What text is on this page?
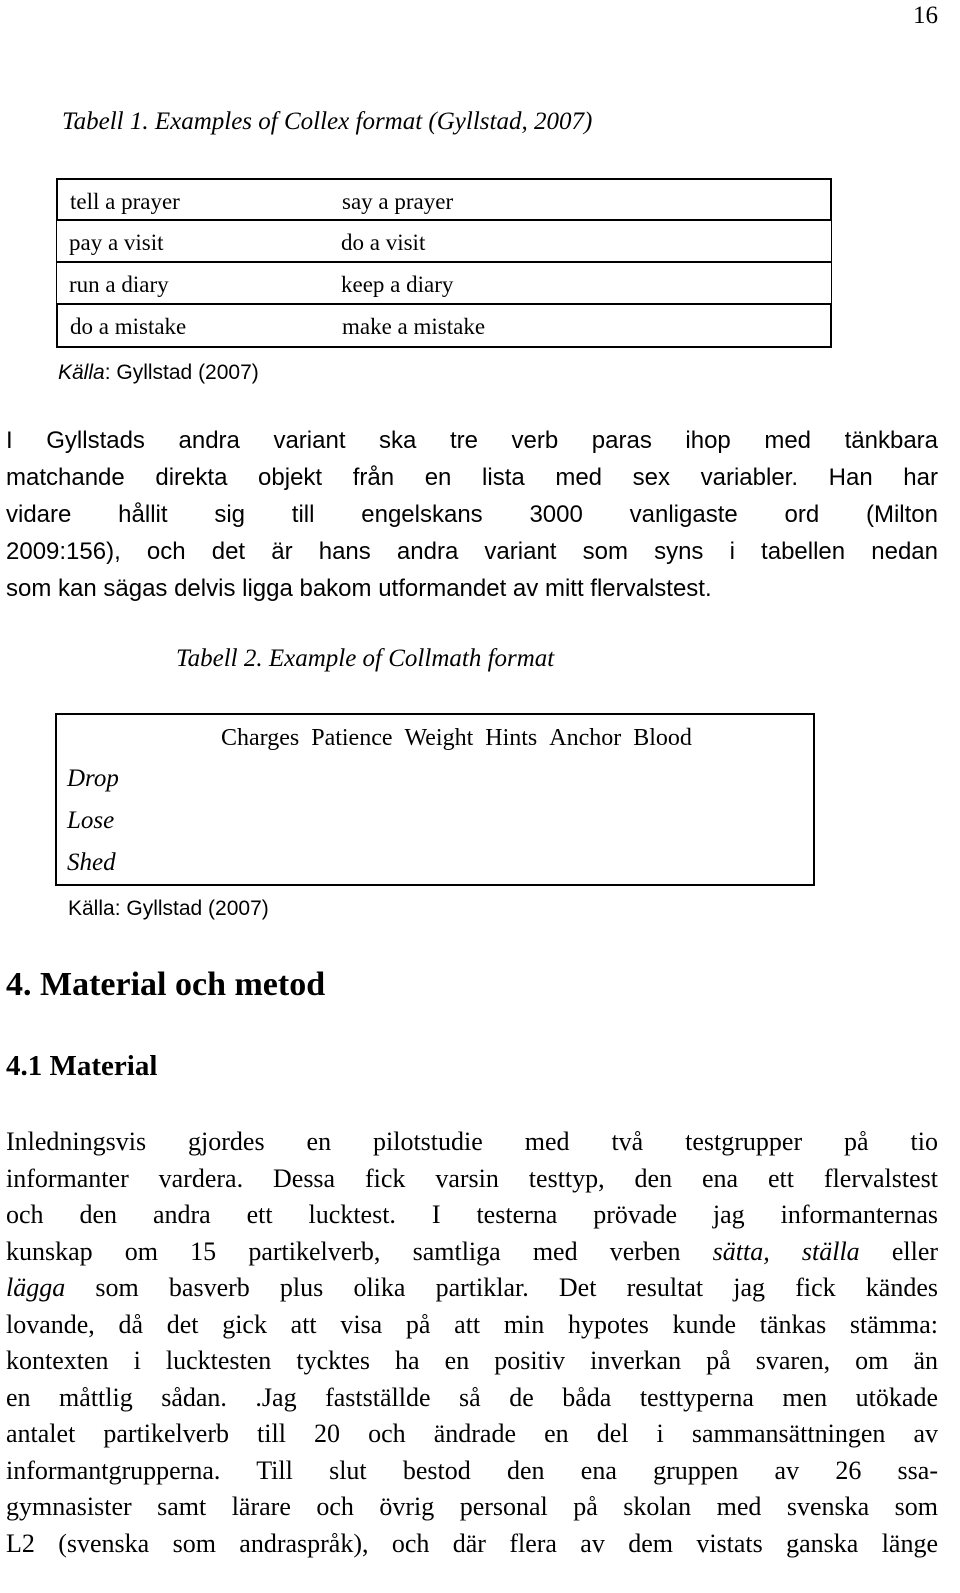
16
Tabell 1. Examples of Collex format (Gyllstad, 2007)
tell a prayer	say a prayer
pay a visit	do a visit
run a diary	keep a diary
do a mistake	make a mistake
Källa: Gyllstad (2007)
I Gyllstads andra variant ska tre verb paras ihop med tänkbara
matchande direkta objekt från en lista med sex variabler. Han har
vidare hållit sig till engelskans 3000 vanligaste ord (Milton
2009:156), och det är hans andra variant som syns i tabellen nedan
som kan sägas delvis ligga bakom utformandet av mitt flervalstest.
Tabell 2. Example of Collmath format
Charges Patience Weight Hints Anchor Blood
Drop
Lose
Shed
Källa: Gyllstad (2007)
4. Material och metod
4.1 Material
Inledningsvis gjordes en pilotstudie med två testgrupper på tio
informanter vardera. Dessa fick varsin testtyp, den ena ett flervalstest
och den andra ett lucktest. I testerna prövade jag informanternas
kunskap om 15 partikelverb, samtliga med verben sätta, ställa eller
lägga som basverb plus olika partiklar. Det resultat jag fick kändes
lovande, då det gick att visa på att min hypotes kunde tänkas stämma:
kontexten i lucktesten tycktes ha en positiv inverkan på svaren, om än
en måttlig sådan. .Jag fastställde så de båda testtyperna men utökade
antalet partikelverb till 20 och ändrade en del i sammansättningen av
informantgrupperna. Till slut bestod den ena gruppen av 26 ssa-
gymnasister samt lärare och övrig personal på skolan med svenska som
L2 (svenska som andraspråk), och där flera av dem vistats ganska länge
